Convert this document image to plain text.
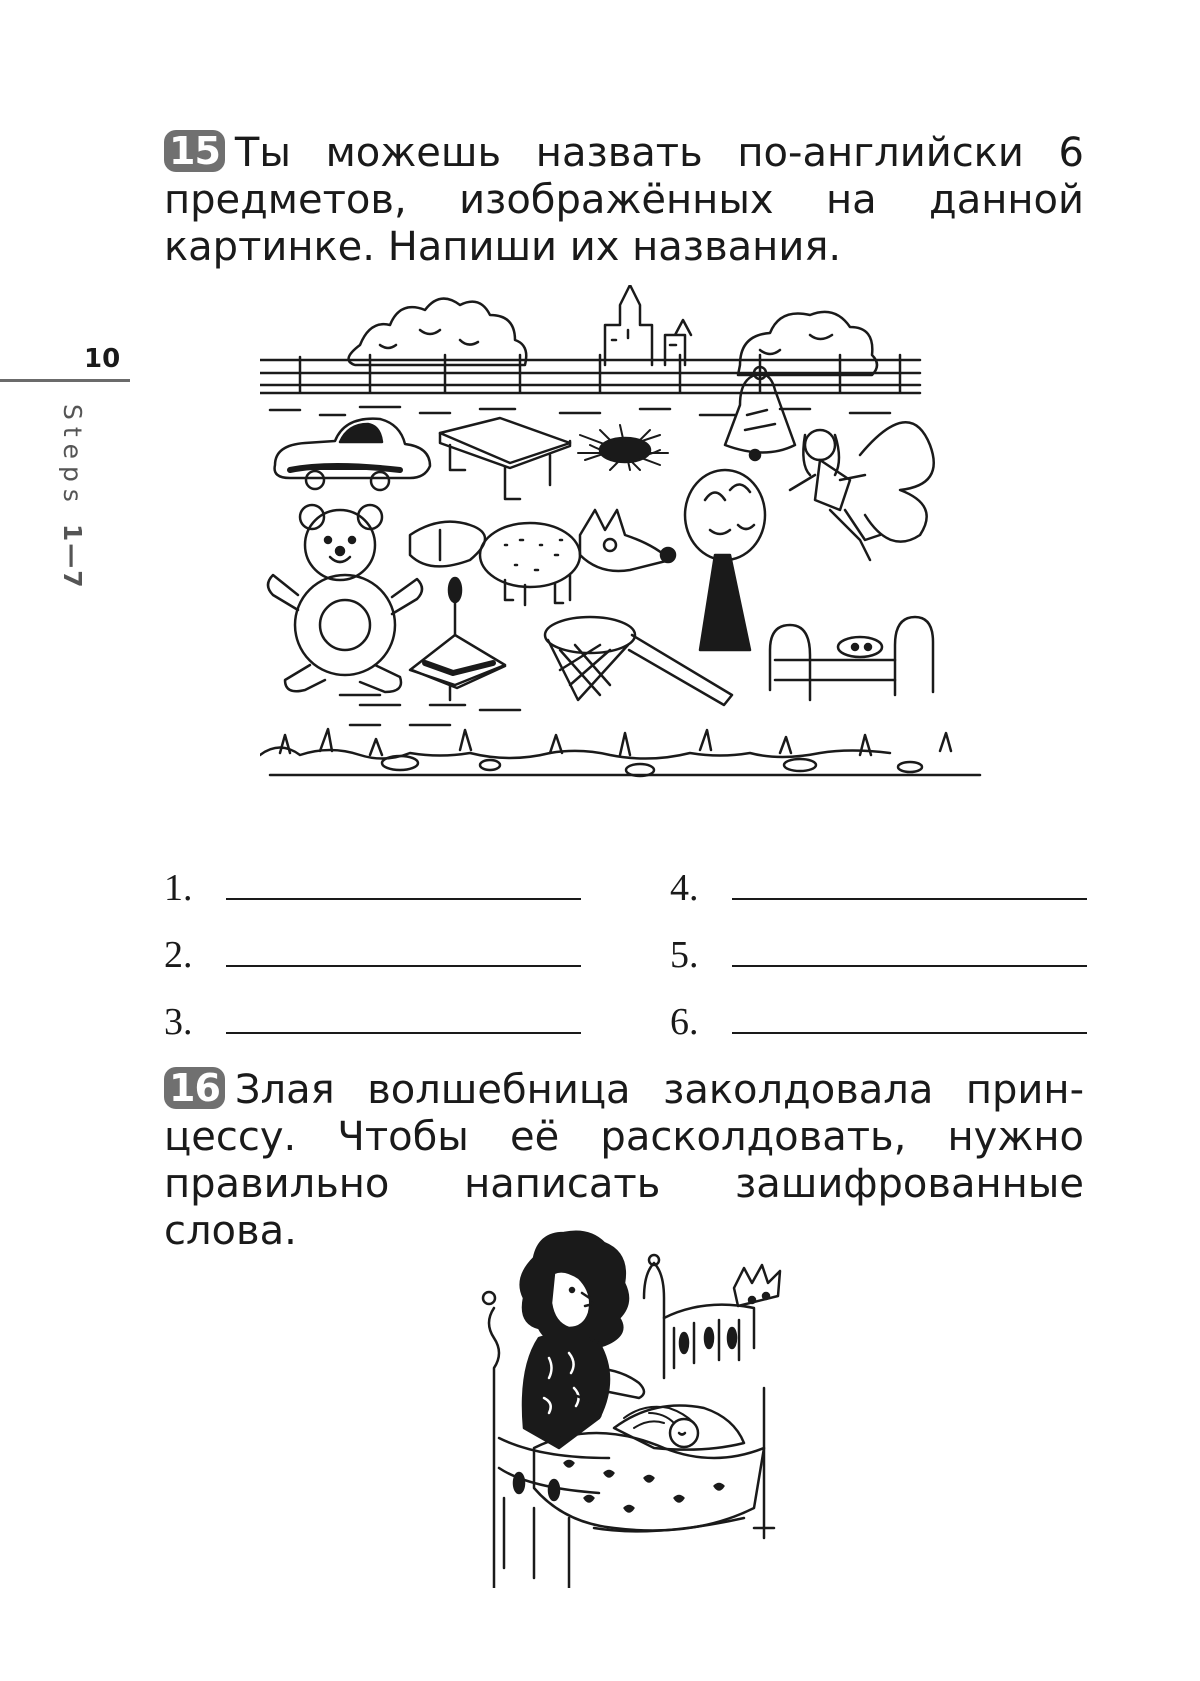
10
Steps 1—7
15 Ты можешь назвать по-английски 6 предметов, изображённых на данной картинке. Напиши их названия.
1.
2.
3.
4.
5.
6.
16 Злая волшебница заколдовала принцессу. Чтобы её расколдовать, нужно правильно написать зашифрованные слова.
